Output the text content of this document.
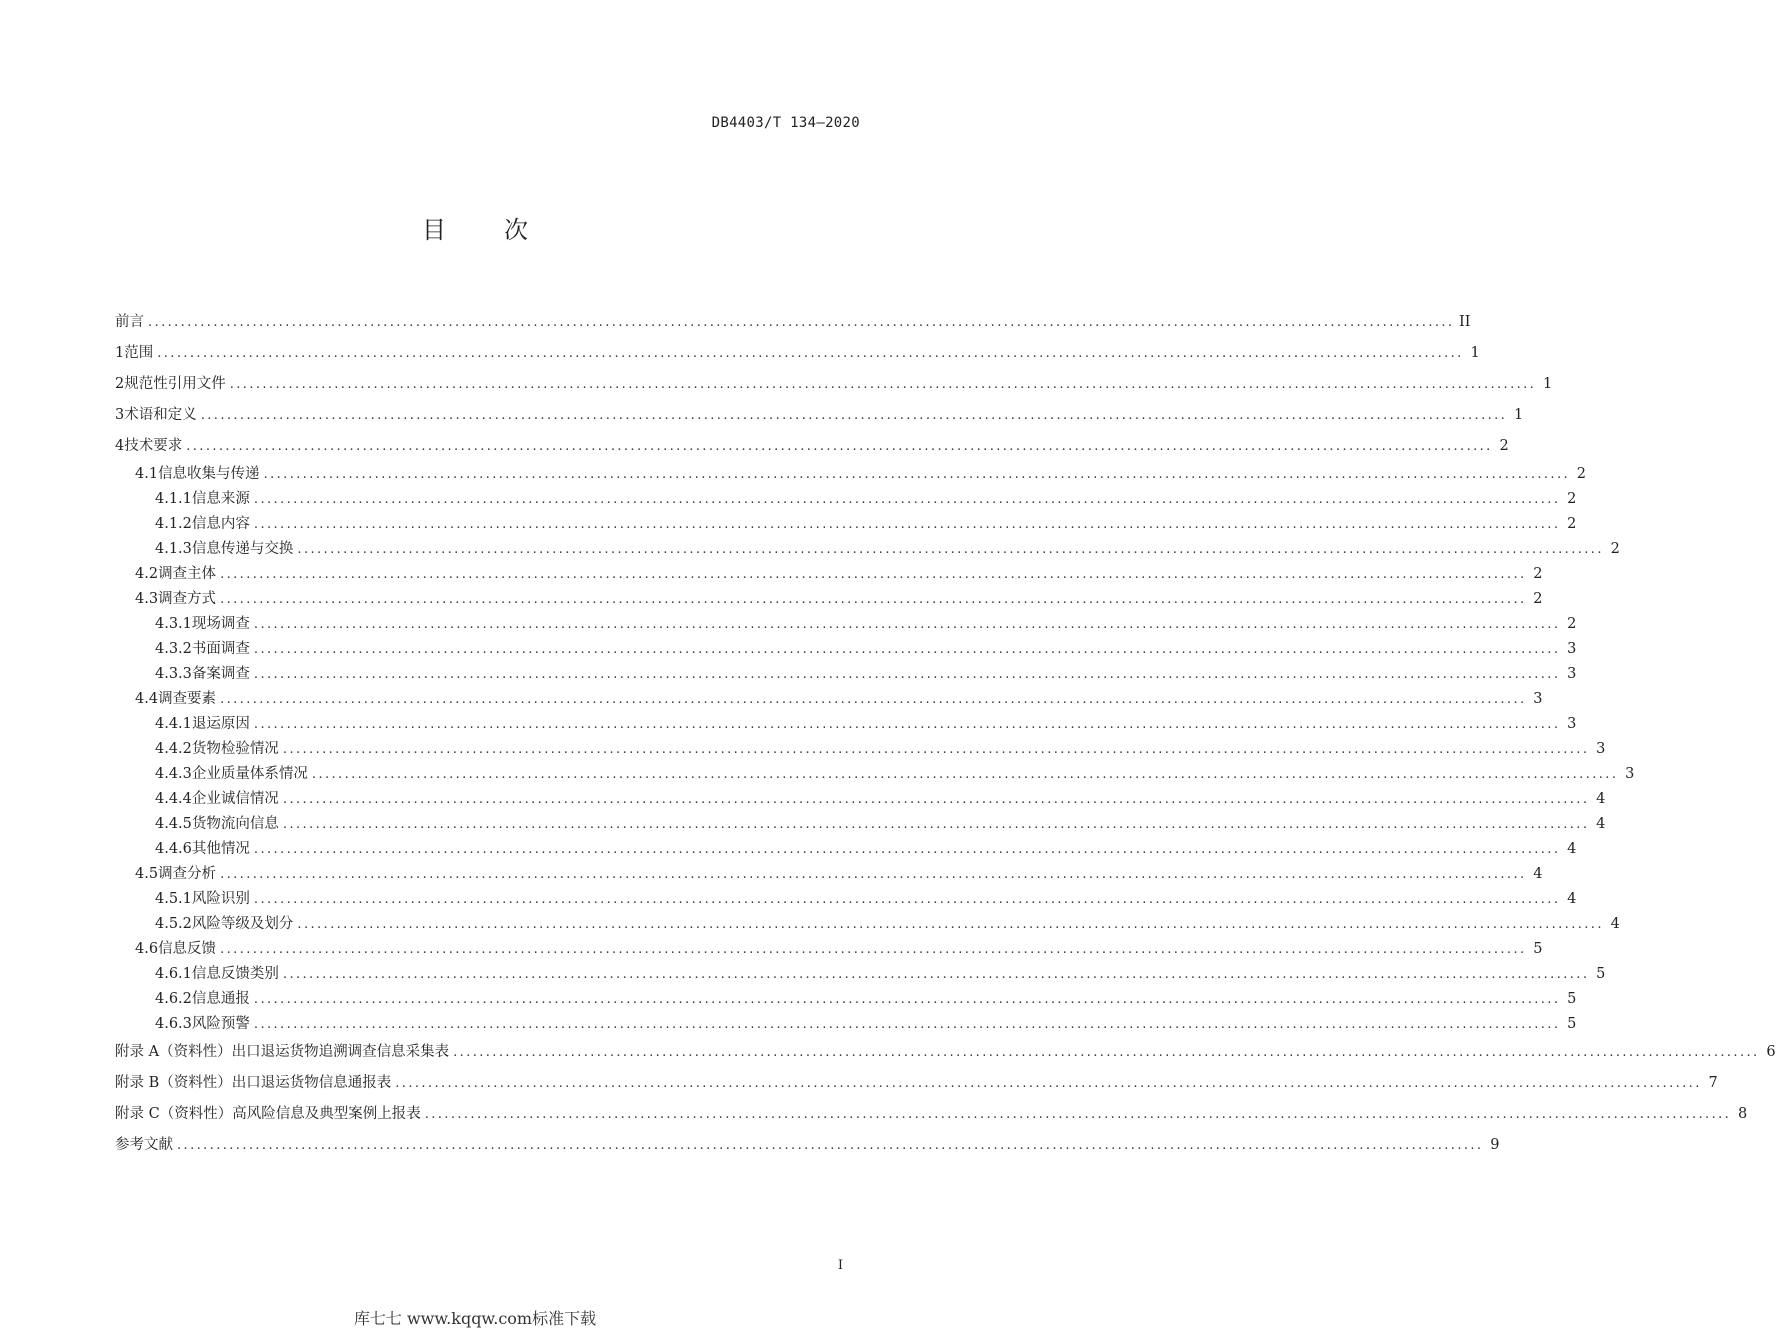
DB4403/T 134—2020
目次
前言 ........................................................................................................................................................................................................ II
1 范围 ........................................................................................................................................................................................................ 1
2 规范性引用文件 ........................................................................................................................................................................................................ 1
3 术语和定义 ........................................................................................................................................................................................................ 1
4 技术要求 ........................................................................................................................................................................................................ 2
4.1 信息收集与传递 ........................................................................................................................................................................................................ 2
4.1.1 信息来源 ........................................................................................................................................................................................................ 2
4.1.2 信息内容 ........................................................................................................................................................................................................ 2
4.1.3 信息传递与交换 ........................................................................................................................................................................................................ 2
4.2 调查主体 ........................................................................................................................................................................................................ 2
4.3 调查方式 ........................................................................................................................................................................................................ 2
4.3.1 现场调查 ........................................................................................................................................................................................................ 2
4.3.2 书面调查 ........................................................................................................................................................................................................ 3
4.3.3 备案调查 ........................................................................................................................................................................................................ 3
4.4 调查要素 ........................................................................................................................................................................................................ 3
4.4.1 退运原因 ........................................................................................................................................................................................................ 3
4.4.2 货物检验情况 ........................................................................................................................................................................................................ 3
4.4.3 企业质量体系情况 ........................................................................................................................................................................................................ 3
4.4.4 企业诚信情况 ........................................................................................................................................................................................................ 4
4.4.5 货物流向信息 ........................................................................................................................................................................................................ 4
4.4.6 其他情况 ........................................................................................................................................................................................................ 4
4.5 调查分析 ........................................................................................................................................................................................................ 4
4.5.1 风险识别 ........................................................................................................................................................................................................ 4
4.5.2 风险等级及划分 ........................................................................................................................................................................................................ 4
4.6 信息反馈 ........................................................................................................................................................................................................ 5
4.6.1 信息反馈类别 ........................................................................................................................................................................................................ 5
4.6.2 信息通报 ........................................................................................................................................................................................................ 5
4.6.3 风险预警 ........................................................................................................................................................................................................ 5
附录 A（资料性） 出口退运货物追溯调查信息采集表 ........................................................................................................................................................................................................ 6
附录 B（资料性） 出口退运货物信息通报表 ........................................................................................................................................................................................................ 7
附录 C（资料性） 高风险信息及典型案例上报表 ........................................................................................................................................................................................................ 8
参考文献 ........................................................................................................................................................................................................ 9
I
库七七 www.kqqw.com标准下载
